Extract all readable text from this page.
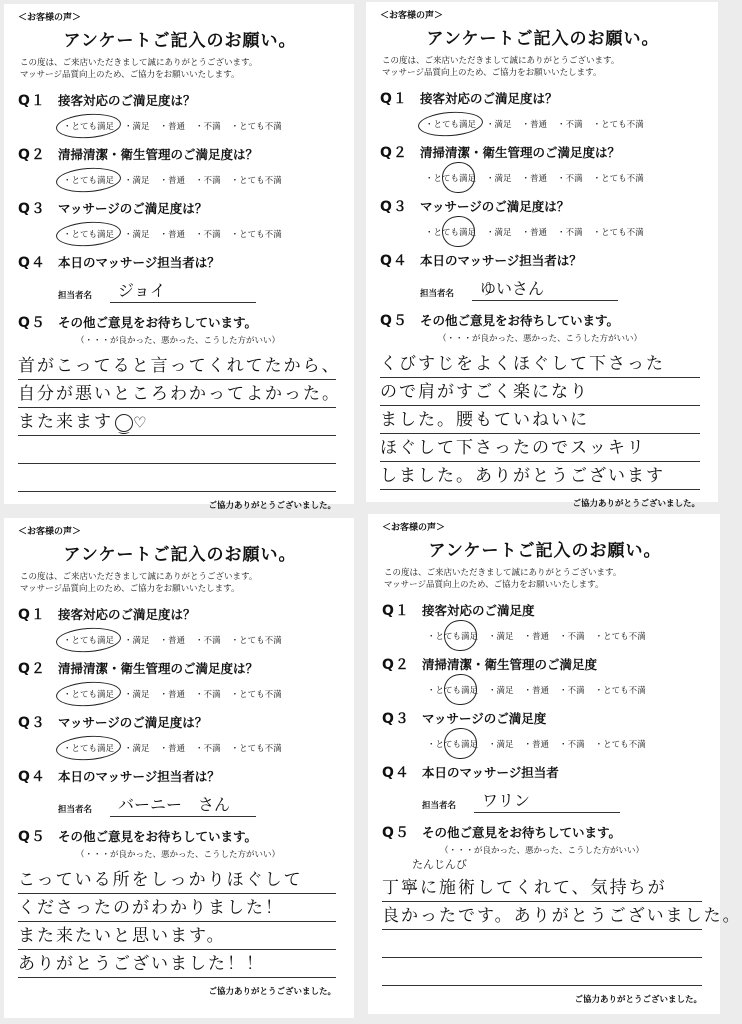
＜お客様の声＞
アンケートご記入のお願い。
この度は、ご来店いただきまして誠にありがとうございます。
マッサージ品質向上のため、ご協力をお願いいたします。
Q１ 接客対応のご満足度は？
・とても満足	・満足	・普通	・不満	・とても不満
Q２ 清掃清潔・衛生管理のご満足度は？
・とても満足	・満足	・普通	・不満	・とても不満
Q３ マッサージのご満足度は？
・とても満足	・満足	・普通	・不満	・とても不満
Q４ 本日のマッサージ担当者は？
担当者名	ジョイ
Q５ その他ご意見をお待ちしています。
（・・・が良かった、悪かった、こうした方がいい）
首がこってると言ってくれてたから、
自分が悪いところわかってよかった。
また来ます‿ ♡
ご協力ありがとうございました。
＜お客様の声＞
アンケートご記入のお願い。
この度は、ご来店いただきまして誠にありがとうございます。
マッサージ品質向上のため、ご協力をお願いいたします。
Q１ 接客対応のご満足度は？
・とても満足	・満足	・普通	・不満	・とても不満
Q２ 清掃清潔・衛生管理のご満足度は？
・とても満足	・満足	・普通	・不満	・とても不満
Q３ マッサージのご満足度は？
・とても満足	・満足	・普通	・不満	・とても不満
Q４ 本日のマッサージ担当者は？
担当者名	ゆいさん
Q５ その他ご意見をお待ちしています。
（・・・が良かった、悪かった、こうした方がいい）
くびすじをよくほぐして下さった
ので肩がすごく楽になり
ました。腰もていねいに
ほぐして下さったのでスッキリ
しました。ありがとうございます
ご協力ありがとうございました。
＜お客様の声＞
アンケートご記入のお願い。
この度は、ご来店いただきまして誠にありがとうございます。
マッサージ品質向上のため、ご協力をお願いいたします。
Q１ 接客対応のご満足度は？
・とても満足	・満足	・普通	・不満	・とても不満
Q２ 清掃清潔・衛生管理のご満足度は？
・とても満足	・満足	・普通	・不満	・とても不満
Q３ マッサージのご満足度は？
・とても満足	・満足	・普通	・不満	・とても不満
Q４ 本日のマッサージ担当者は？
担当者名	バーニー　さん
Q５ その他ご意見をお待ちしています。
（・・・が良かった、悪かった、こうした方がいい）
こっている所をしっかりほぐして
くださったのがわかりました！
また来たいと思います。
ありがとうございました！！
ご協力ありがとうございました。
＜お客様の声＞
アンケートご記入のお願い。
この度は、ご来店いただきまして誠にありがとうございます。
マッサージ品質向上のため、ご協力をお願いいたします。
Q１ 接客対応のご満足度
・とても満足	・満足	・普通	・不満	・とても不満
Q２ 清掃清潔・衛生管理のご満足度
・とても満足	・満足	・普通	・不満	・とても不満
Q３ マッサージのご満足度
・とても満足	・満足	・普通	・不満	・とても不満
Q４ 本日のマッサージ担当者
担当者名	ワリン
Q５ その他ご意見をお待ちしています。
（・・・が良かった、悪かった、こうした方がいい）
たんじんび
丁寧に施術してくれて、気持ちが
良かったです。ありがとうございました。
ご協力ありがとうございました。
